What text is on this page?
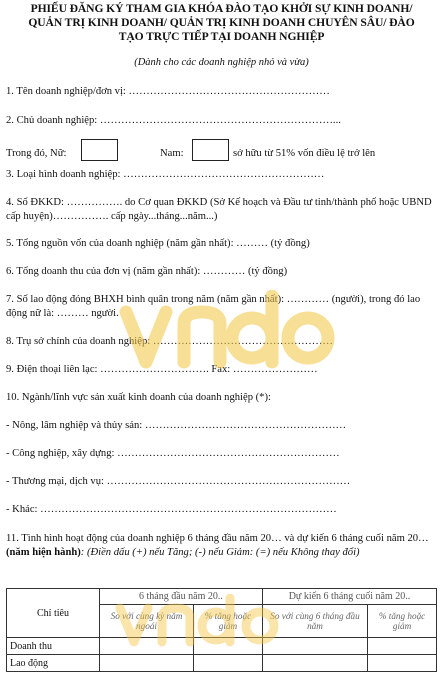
PHIẾU ĐĂNG KÝ THAM GIA KHÓA ĐÀO TẠO KHỞI SỰ KINH DOANH/
QUẢN TRỊ KINH DOANH/ QUẢN TRỊ KINH DOANH CHUYÊN SÂU/ ĐÀO
TẠO TRỰC TIẾP TẠI DOANH NGHIỆP
(Dành cho các doanh nghiệp nhỏ và vừa)
1. Tên doanh nghiệp/đơn vị: …………………………………………………
2. Chủ doanh nghiệp: …………………………………………………………...
Trong đó, Nữ:	Nam:	sở hữu từ 51% vốn điều lệ trở lên
3. Loại hình doanh nghiệp: …………………………………………………
4. Số ĐKKD: ……………. do Cơ quan ĐKKD (Sở Kế hoạch và Đầu tư tỉnh/thành phố hoặc UBND cấp huyện)……………. cấp ngày...tháng...năm...)
5. Tổng nguồn vốn của doanh nghiệp (năm gần nhất): ……… (tỷ đồng)
6. Tổng doanh thu của đơn vị (năm gần nhất): ………… (tỷ đồng)
7. Số lao động đóng BHXH bình quân trong năm (năm gần nhất): ………… (người), trong đó lao động nữ là: ……… người.
8. Trụ sở chính của doanh nghiệp: ……………………………………………
9. Điện thoại liên lạc: …………………………. Fax: ……………………
10. Ngành/lĩnh vực sản xuất kinh doanh của doanh nghiệp (*):
- Nông, lâm nghiệp và thủy sản: …………………………………………………
- Công nghiệp, xây dựng: ………………………………………………………
- Thương mại, dịch vụ: ……………………………………………………………
- Khác: …………………………………………………………………………
11. Tình hình hoạt động của doanh nghiệp 6 tháng đầu năm 20… và dự kiến 6 tháng cuối năm 20…(năm hiện hành): (Điền dấu (+) nếu Tăng; (-) nếu Giảm: (=) nếu Không thay đổi)
Chỉ tiêu	6 tháng đầu năm 20..		Dự kiến 6 tháng cuối năm 20..	
	So với cùng kỳ năm ngoái	% tăng hoặc giảm	So với cùng 6 tháng đầu năm	% tăng hoặc giảm
Doanh thu				
Lao động				
